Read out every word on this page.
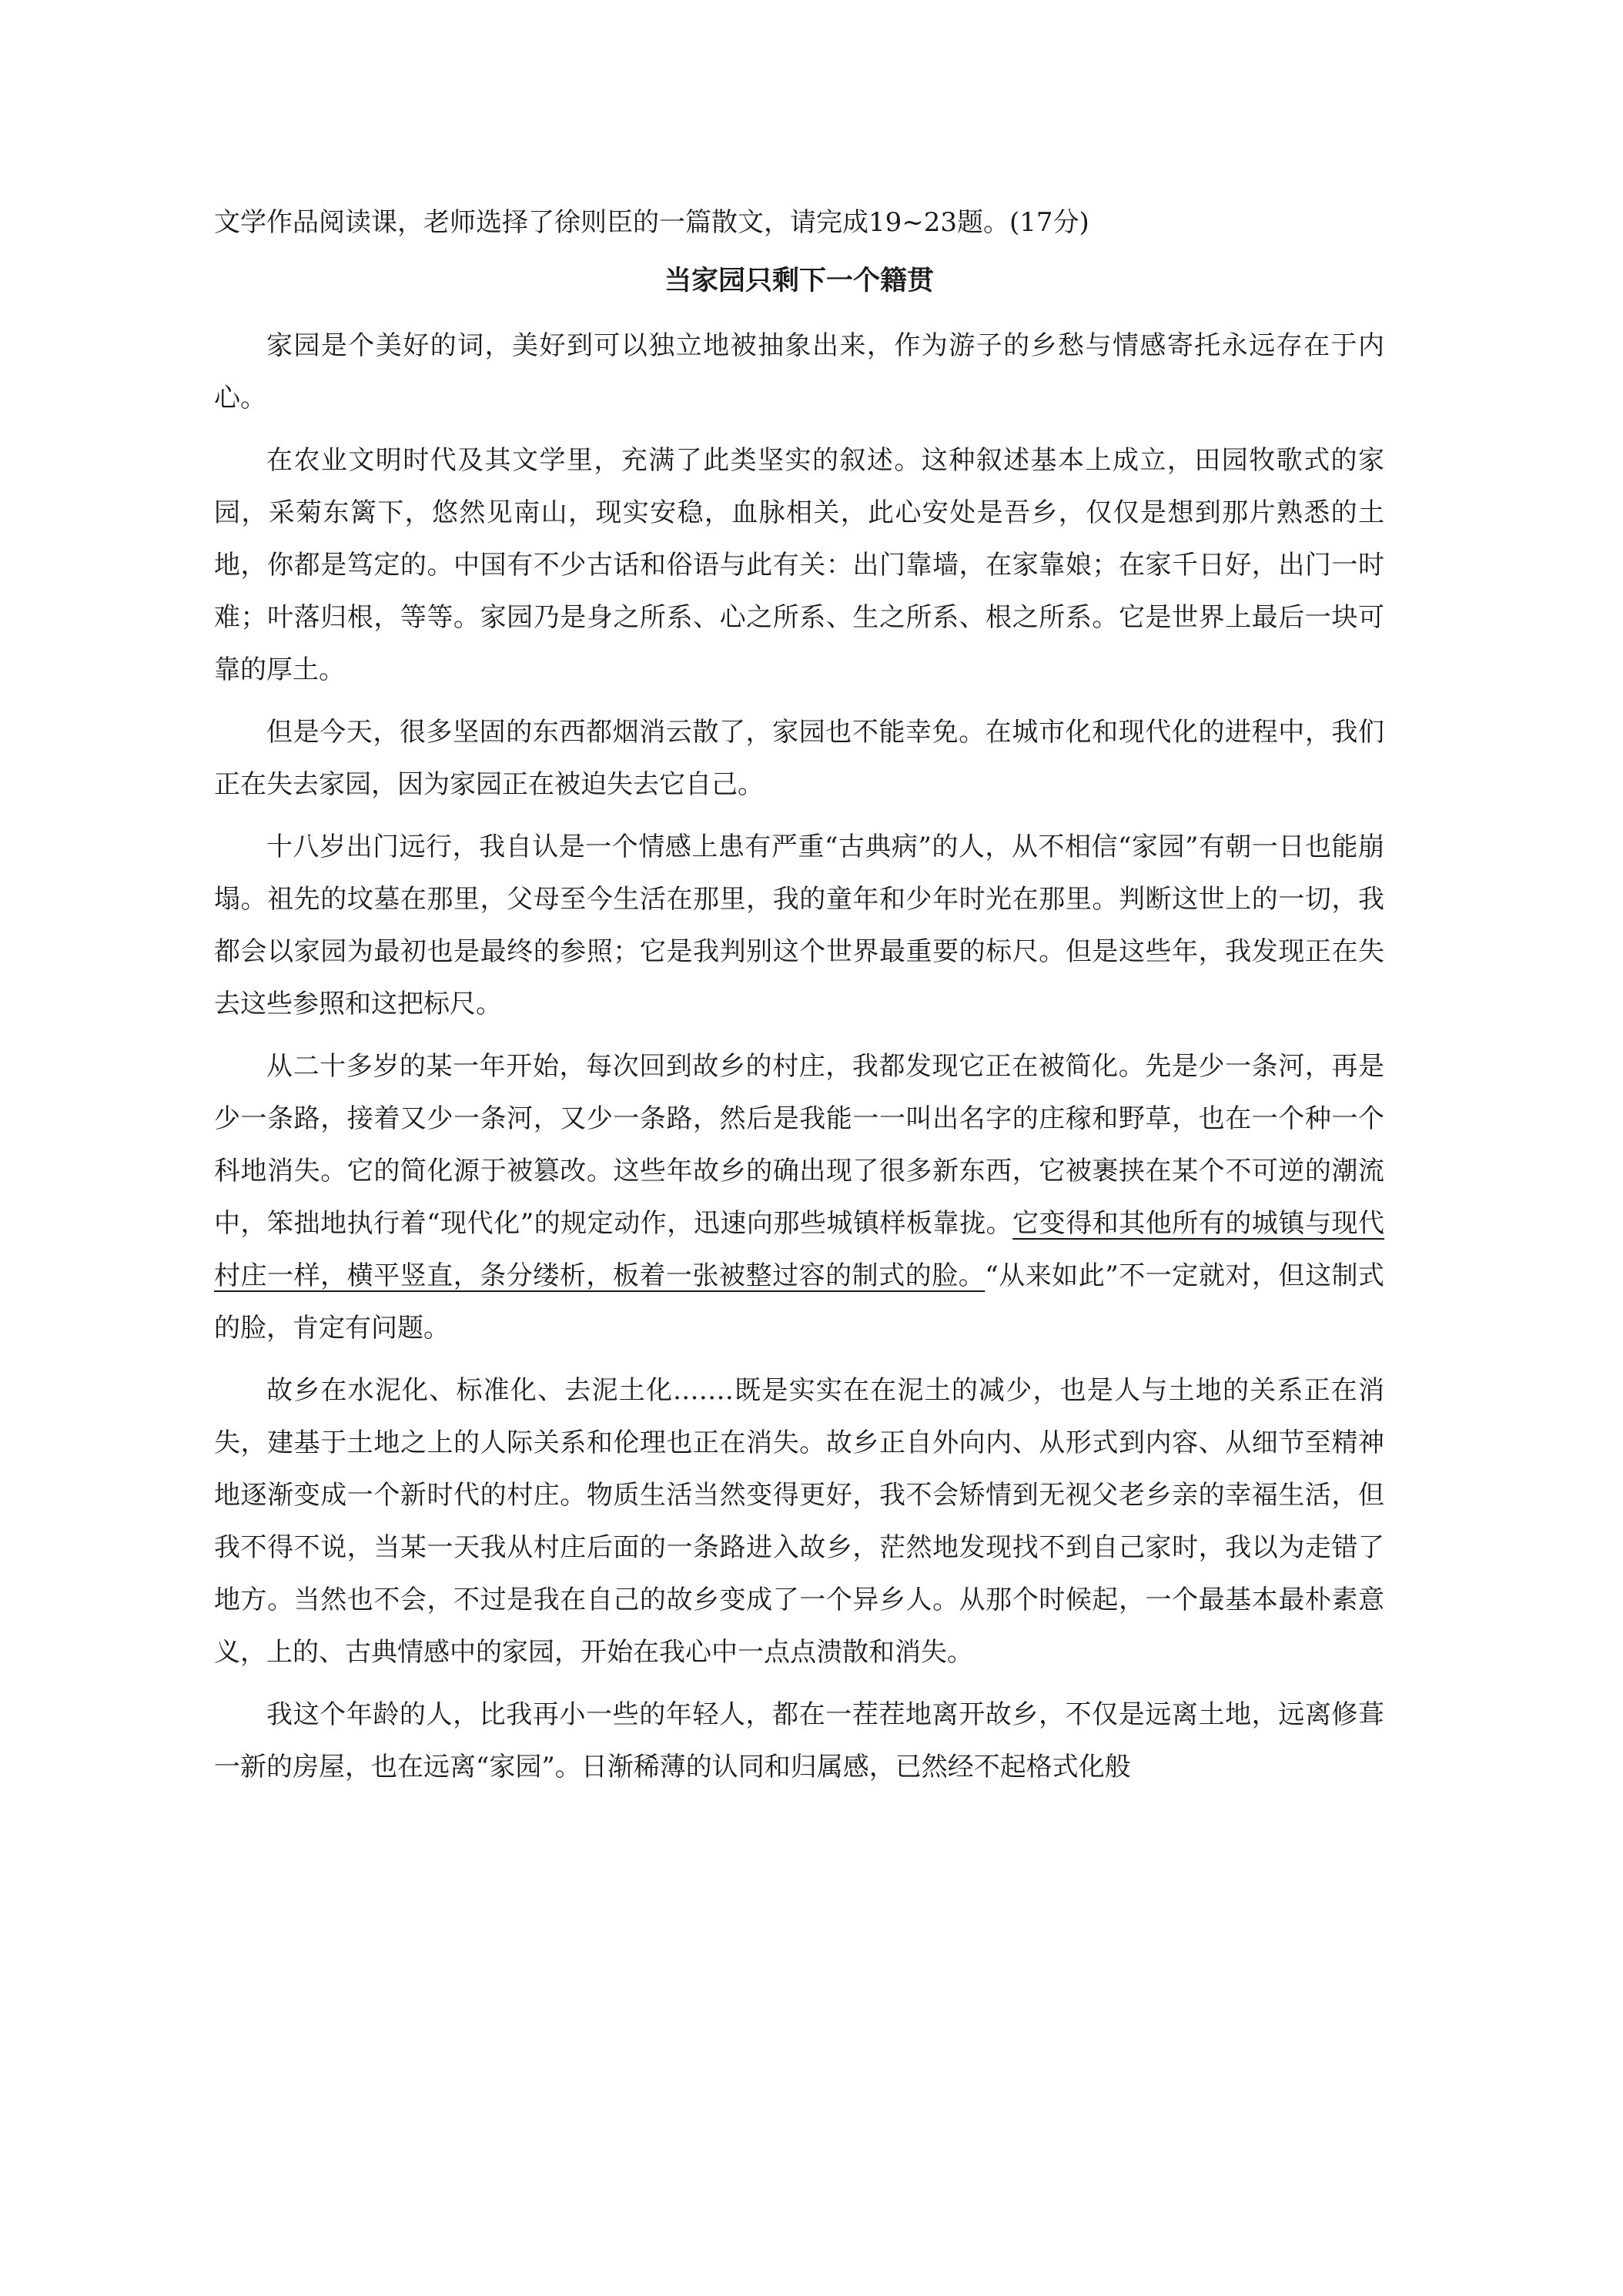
文学作品阅读课，老师选择了徐则臣的一篇散文，请完成19~23题。(17分)
当家园只剩下一个籍贯

家园是个美好的词，美好到可以独立地被抽象出来，作为游子的乡愁与情感寄托永远存在于内心。

在农业文明时代及其文学里，充满了此类坚实的叙述。这种叙述基本上成立，田园牧歌式的家园，采菊东篱下，悠然见南山，现实安稳，血脉相关，此心安处是吾乡，仅仅是想到那片熟悉的土地，你都是笃定的。中国有不少古话和俗语与此有关：出门靠墙，在家靠娘；在家千日好，出门一时难；叶落归根，等等。家园乃是身之所系、心之所系、生之所系、根之所系。它是世界上最后一块可靠的厚土。

但是今天，很多坚固的东西都烟消云散了，家园也不能幸免。在城市化和现代化的进程中，我们正在失去家园，因为家园正在被迫失去它自己。

十八岁出门远行，我自认是一个情感上患有严重“古典病”的人，从不相信“家园”有朝一日也能崩塌。祖先的坟墓在那里，父母至今生活在那里，我的童年和少年时光在那里。判断这世上的一切，我都会以家园为最初也是最终的参照；它是我判别这个世界最重要的标尺。但是这些年，我发现正在失去这些参照和这把标尺。

从二十多岁的某一年开始，每次回到故乡的村庄，我都发现它正在被简化。先是少一条河，再是少一条路，接着又少一条河，又少一条路，然后是我能一一叫出名字的庄稼和野草，也在一个种一个科地消失。它的简化源于被篡改。这些年故乡的确出现了很多新东西，它被裹挟在某个不可逆的潮流中，笨拙地执行着“现代化”的规定动作，迅速向那些城镇样板靠拢。它变得和其他所有的城镇与现代村庄一样，横平竖直，条分缕析，板着一张被整过容的制式的脸。“从来如此”不一定就对，但这制式的脸，肯定有问题。

故乡在水泥化、标准化、去泥土化.……既是实实在在泥土的减少，也是人与土地的关系正在消失，建基于土地之上的人际关系和伦理也正在消失。故乡正自外向内、从形式到内容、从细节至精神地逐渐变成一个新时代的村庄。物质生活当然变得更好，我不会矫情到无视父老乡亲的幸福生活，但我不得不说，当某一天我从村庄后面的一条路进入故乡，茫然地发现找不到自己家时，我以为走错了地方。当然也不会，不过是我在自己的故乡变成了一个异乡人。从那个时候起，一个最基本最朴素意义，上的、古典情感中的家园，开始在我心中一点点溃散和消失。

我这个年龄的人，比我再小一些的年轻人，都在一茬茬地离开故乡，不仅是远离土地，远离修葺一新的房屋，也在远离“家园”。日渐稀薄的认同和归属感，已然经不起格式化般
